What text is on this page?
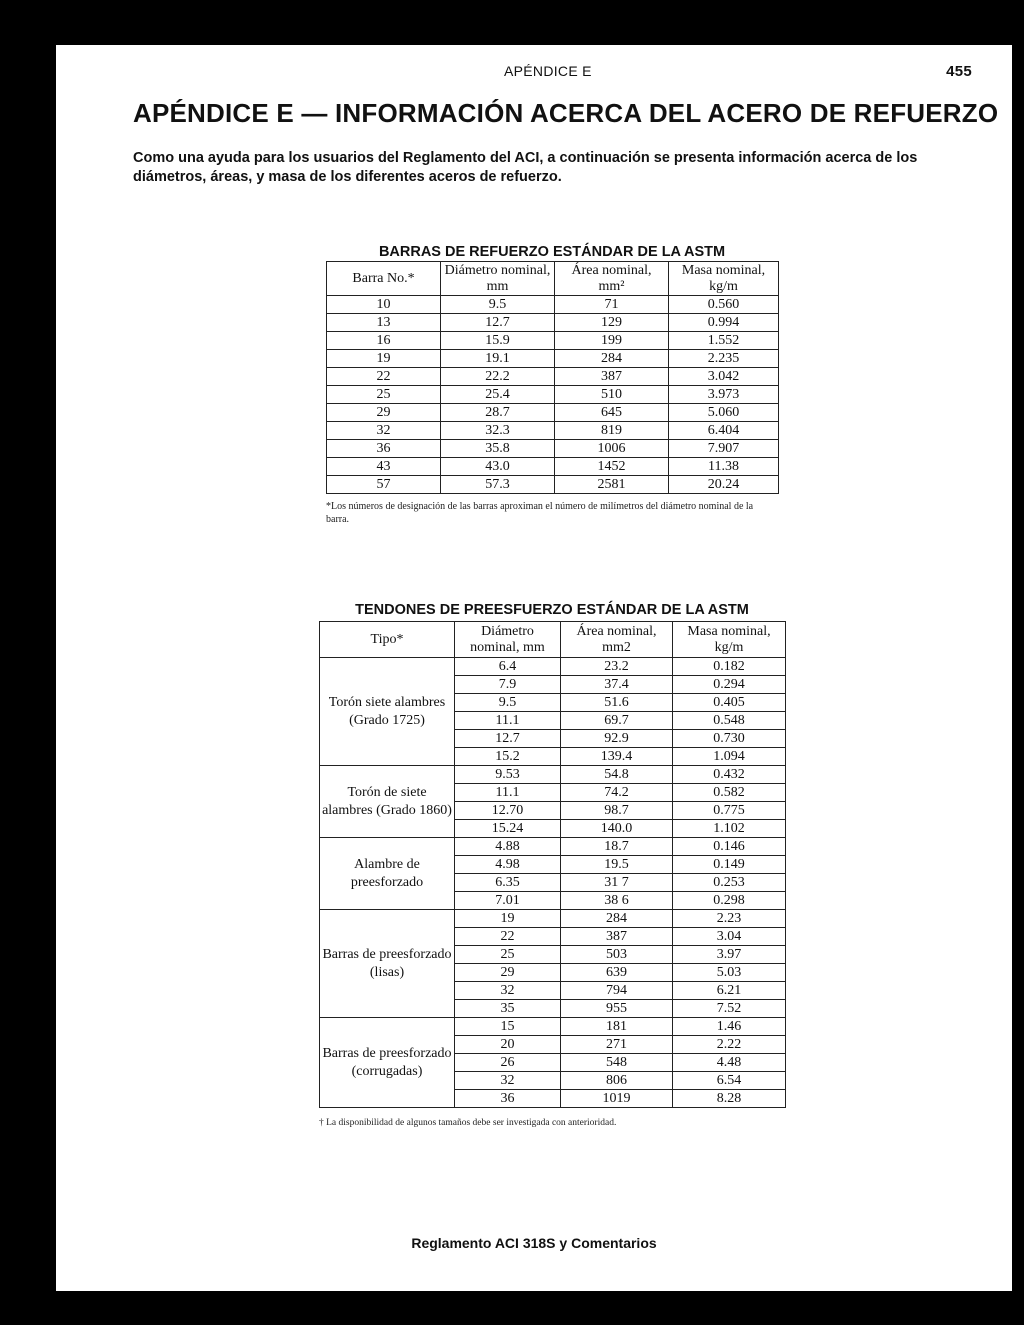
APÉNDICE E	455
APÉNDICE E — INFORMACIÓN ACERCA DEL ACERO DE REFUERZO

Como una ayuda para los usuarios del Reglamento del ACI, a continuación se presenta información acerca de los diámetros, áreas, y masa de los diferentes aceros de refuerzo.

BARRAS DE REFUERZO ESTÁNDAR DE LA ASTM
Barra No.*	Diámetro nominal, mm	Área nominal, mm²	Masa nominal, kg/m
10	9.5	71	0.560
13	12.7	129	0.994
16	15.9	199	1.552
19	19.1	284	2.235
22	22.2	387	3.042
25	25.4	510	3.973
29	28.7	645	5.060
32	32.3	819	6.404
36	35.8	1006	7.907
43	43.0	1452	11.38
57	57.3	2581	20.24
*Los números de designación de las barras aproximan el número de milímetros del diámetro nominal de la barra.
TENDONES DE PREESFUERZO ESTÁNDAR DE LA ASTM
Tipo*	Diámetro nominal, mm	Área nominal, mm2	Masa nominal, kg/m
Torón siete alambres (Grado 1725)	6.4	23.2	0.182
	7.9	37.4	0.294
	9.5	51.6	0.405
	11.1	69.7	0.548
	12.7	92.9	0.730
	15.2	139.4	1.094
Torón de siete alambres (Grado 1860)	9.53	54.8	0.432
	11.1	74.2	0.582
	12.70	98.7	0.775
	15.24	140.0	1.102
Alambre de preesforzado	4.88	18.7	0.146
	4.98	19.5	0.149
	6.35	31 7	0.253
	7.01	38 6	0.298
Barras de preesforzado (lisas)	19	284	2.23
	22	387	3.04
	25	503	3.97
	29	639	5.03
	32	794	6.21
	35	955	7.52
Barras de preesforzado (corrugadas)	15	181	1.46
	20	271	2.22
	26	548	4.48
	32	806	6.54
	36	1019	8.28
† La disponibilidad de algunos tamaños debe ser investigada con anterioridad.
Reglamento ACI 318S y Comentarios
